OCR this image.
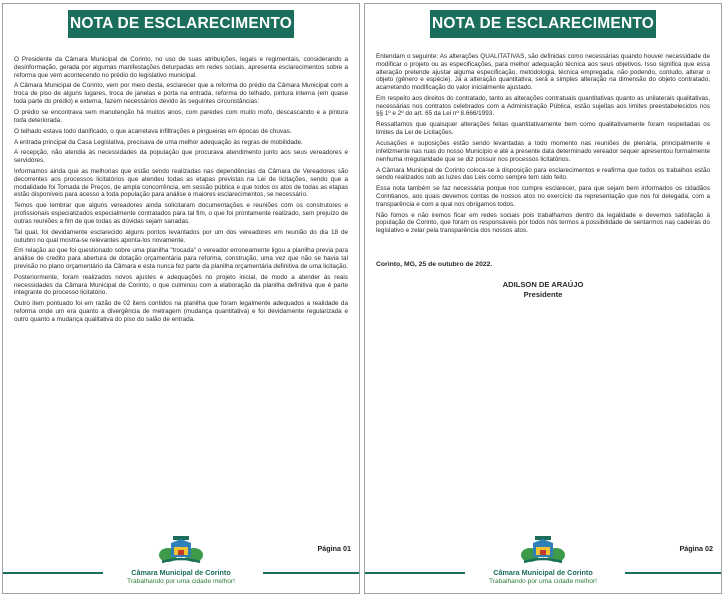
NOTA DE ESCLARECIMENTO

O Presidente da Câmara Municipal de Corinto, no uso de suas atribuições, legais e regimentais, considerando a desinformação, gerada por algumas manifestações deturpadas em redes sociais, apresenta esclarecimentos sobre a reforma que vem acontecendo no prédio do legislativo municipal.

A Câmara Municipal de Corinto, vem por meio desta, esclarecer que a reforma do prédio da Câmara Municipal com a troca de piso de alguns lugares, troca de janelas e porta na entrada, reforma do telhado, pintura interna (em quase toda parte do prédio) e externa, fazem necessários devido às seguintes circunstâncias:

O prédio se encontrava sem manutenção há muitos anos, com paredes com muito mofo, descascando e a pintura toda deteriorada.

O telhado estava todo danificado, o que acarretava infiltrações e pingueiras em épocas de chuvas.

A entrada principal da Casa Legislativa, precisava de uma melhor adequação às regras de mobilidade.

A recepção, não atendia às necessidades da população que procurava atendimento junto aos seus vereadores e servidores.

Informamos ainda que as melhorias que estão sendo realizadas nas dependências da Câmara de Vereadores são decorrentes aos processos licitatórios que atendeu todas as etapas previstas na Lei de licitações, sendo que a modalidade foi Tomada de Preços, de ampla concorrência, em sessão pública e que todos os atos de todas as etapas estão disponíveis para acesso a toda população para análise e maiores esclarecimentos, se necessário.

Temos que lembrar que alguns vereadores ainda solicitaram documentações e reuniões com os construtores e profissionais especializados especialmente contratados para tal fim, o que foi prontamente realizado, sem prejuízo de outras reuniões a fim de que todas as dúvidas sejam sanadas.

Tal qual, foi devidamente esclarecido alguns pontos levantados por um dos vereadores em reunião do dia 18 de outubro no qual mostra-se relevantes aponta-los novamente.

Em relação ao que foi questionado sobre uma planilha "trocada" o vereador erroneamente ligou a planilha previa para análise de credito para abertura de dotação orçamentária para reforma, construção, uma vez que não se havia tal previsão no plano orçamentário da Câmara e esta nunca fez parte da planilha orçamentária definitiva de uma licitação.

Posteriormente, foram realizados novos ajustes e adequações no projeto inicial, de modo a atender às reais necessidades da Câmara Municipal de Corinto, o que culminou com a elaboração da planilha definitiva que é parte integrante do processo licitatório.

Outro item pontuado foi em razão de 02 itens contidos na planilha que foram legalmente adequados a realidade da reforma onde um era quanto a divergência de metragem (mudança quantitativa) e foi devidamente regularizada e outro quanto a mudança qualitativa do piso do salão de entrada.

Câmara Municipal de Corinto
Trabalhando por uma cidade melhor!
Página 01
NOTA DE ESCLARECIMENTO

Entendam o seguinte: As alterações QUALITATIVAS, são definidas como necessárias quando houver necessidade de modificar o projeto ou as especificações, para melhor adequação técnica aos seus objetivos. Isso significa que essa alteração pretende ajustar alguma especificação, metodologia, técnica empregada, não podendo, contudo, alterar o objeto (gênero e espécie). Já a alteração quantitativa, será a simples alteração na dimensão do objeto contratado, acarretando modificação do valor inicialmente ajustado.

Em respeito aos direitos do contratado, tanto as alterações contratuais quantitativas quanto as unilaterais qualitativas, necessárias nos contratos celebrados com a Administração Pública, estão sujeitas aos limites preestabelecidos nos §§ 1º e 2º do art. 65 da Lei nº 8.666/1993.

Ressaltamos que quaisquer alterações feitas quantitativamente bem como qualitativamente foram respeitadas os limites da Lei de Licitações.

Acusações e suposições estão sendo levantadas a todo momento nas reuniões de plenária, principalmente e infelizmente nas ruas do nosso Município e até a presente data determinado vereador sequer apresentou formalmente nenhuma irregularidade que se diz possuir nos processos licitatórios.

A Câmara Municipal de Corinto coloca-se à disposição para esclarecimentos e reafirma que todos os trabalhos estão sendo realizados sob as luzes das Leis como sempre tem sido feito.

Essa nota também se faz necessária porque nos cumpre esclarecer, para que sejam bem informados os cidadãos Corintianos, aos quais devemos contas de nossos atos no exercício da representação que nos foi delegada, com a transparência e com a qual nos obrigamos todos.

Não fomos e não iremos ficar em redes sociais pois trabalhamos dentro da legalidade e devemos satisfação à população de Corinto, que foram os responsáveis por todos nós termos a possibilidade de sentarmos naș cadeiras do legislativo e zelar pela transparência dos nossos atos.

Corinto, MG, 25 de outubro de 2022.
ADILSON DE ARAÚJO
Presidente
Câmara Municipal de Corinto
Trabalhando por uma cidade melhor!
Página 02
